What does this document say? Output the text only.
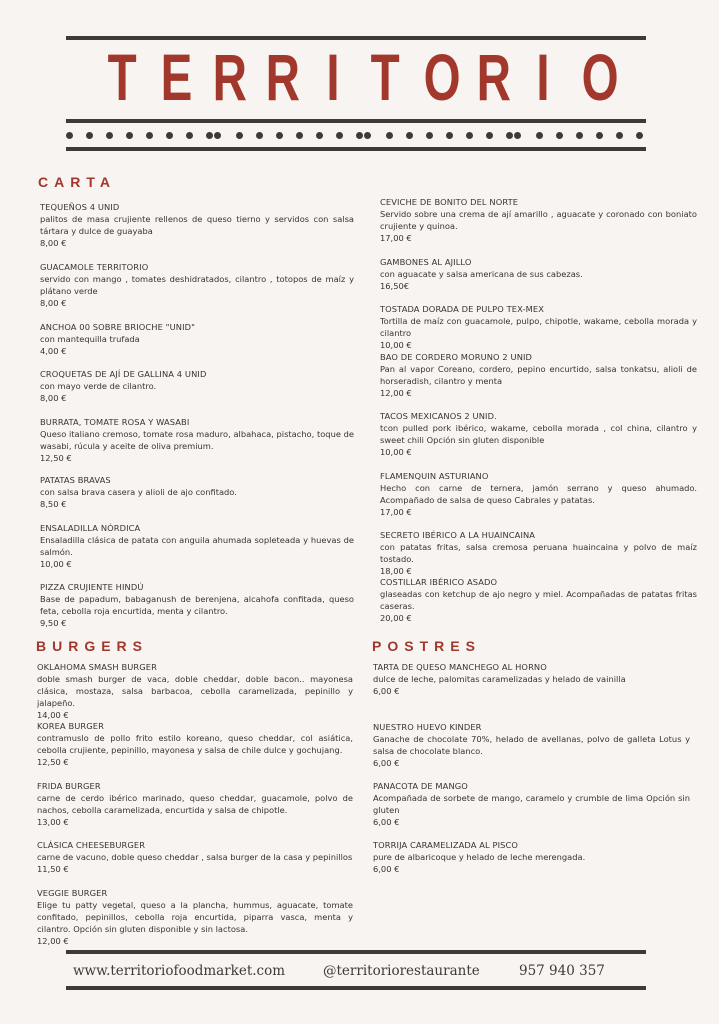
T E R R I T O R I O
CARTA
BURGERS	POSTRES
TEQUEÑOS 4 UNID
palitos de masa crujiente rellenos de queso tierno y servidos con salsa tártara y dulce de guayaba
8,00 €
GUACAMOLE TERRITORIO
servido con mango , tomates deshidratados, cilantro , totopos de maíz y plátano verde
8,00 €
ANCHOA 00 SOBRE BRIOCHE "UNID"
con mantequilla trufada
4,00 €
CROQUETAS DE AJÍ DE GALLINA 4 UNID
con mayo verde de cilantro.
8,00 €
BURRATA, TOMATE ROSA Y WASABI
Queso italiano cremoso, tomate rosa maduro, albahaca, pistacho, toque de wasabi, rúcula y aceite de oliva premium.
12,50 €
PATATAS BRAVAS
con salsa brava casera y alioli de ajo confitado.
8,50 €
ENSALADILLA NÓRDICA
Ensaladilla clásica de patata con anguila ahumada sopleteada y huevas de salmón.
10,00 €
PIZZA CRUJIENTE HINDÚ
Base de papadum, babaganush de berenjena, alcahofa confitada, queso feta, cebolla roja encurtida, menta y cilantro.
9,50 €
CEVICHE DE BONITO DEL NORTE
Servido sobre una crema de ají amarillo , aguacate y coronado con boniato crujiente y quinoa.
17,00 €
GAMBONES AL AJILLO
con aguacate y salsa americana de sus cabezas.
16,50€
TOSTADA DORADA DE PULPO TEX-MEX
Tortilla de maíz con guacamole, pulpo, chipotle, wakame, cebolla morada y cilantro
10,00 €
BAO DE CORDERO MORUNO 2 UNID
Pan al vapor Coreano, cordero, pepino encurtido, salsa tonkatsu, alioli de horseradish, cilantro y menta
12,00 €
TACOS MEXICANOS 2 UNID.
tcon pulled pork ibérico, wakame, cebolla morada , col china, cilantro y sweet chili Opción sin gluten disponible
10,00 €
FLAMENQUIN ASTURIANO
Hecho con carne de ternera, jamón serrano y queso ahumado. Acompañado de salsa de queso Cabrales y patatas.
17,00 €
SECRETO IBÉRICO A LA HUAINCAINA
con patatas fritas, salsa cremosa peruana huaincaina y polvo de maíz tostado.
18,00 €
COSTILLAR IBÉRICO ASADO
glaseadas con ketchup de ajo negro y miel. Acompañadas de patatas fritas caseras.
20,00 €
OKLAHOMA SMASH BURGER
doble smash burger de vaca, doble cheddar, doble bacon.. mayonesa clásica, mostaza, salsa barbacoa, cebolla caramelizada, pepinillo y jalapeño.
14,00 €
KOREA BURGER
contramuslo de pollo frito estilo koreano, queso cheddar, col asiática, cebolla crujiente, pepinillo, mayonesa y salsa de chile dulce y gochujang.
12,50 €
FRIDA BURGER
carne de cerdo ibérico marinado, queso cheddar, guacamole, polvo de nachos, cebolla caramelizada, encurtida y salsa de chipotle.
13,00 €
CLÁSICA CHEESEBURGER
carne de vacuno, doble queso cheddar , salsa burger de la casa y pepinillos
11,50 €
VEGGIE BURGER
Elige tu patty vegetal, queso a la plancha, hummus, aguacate, tomate confitado, pepinillos, cebolla roja encurtida, piparra vasca, menta y cilantro. Opción sin gluten disponible y sin lactosa.
12,00 €
TARTA DE QUESO MANCHEGO AL HORNO
dulce de leche, palomitas caramelizadas y helado de vainilla
6,00 €
NUESTRO HUEVO KINDER
Ganache de chocolate 70%, helado de avellanas, polvo de galleta Lotus y salsa de chocolate blanco.
6,00 €
PANACOTA DE MANGO
Acompañada de sorbete de mango, caramelo y crumble de lima Opción sin gluten
6,00 €
TORRIJA CARAMELIZADA AL PISCO
pure de albaricoque y helado de leche merengada.
6,00 €
www.territoriofoodmarket.com	@territoriorestaurante	957 940 357
